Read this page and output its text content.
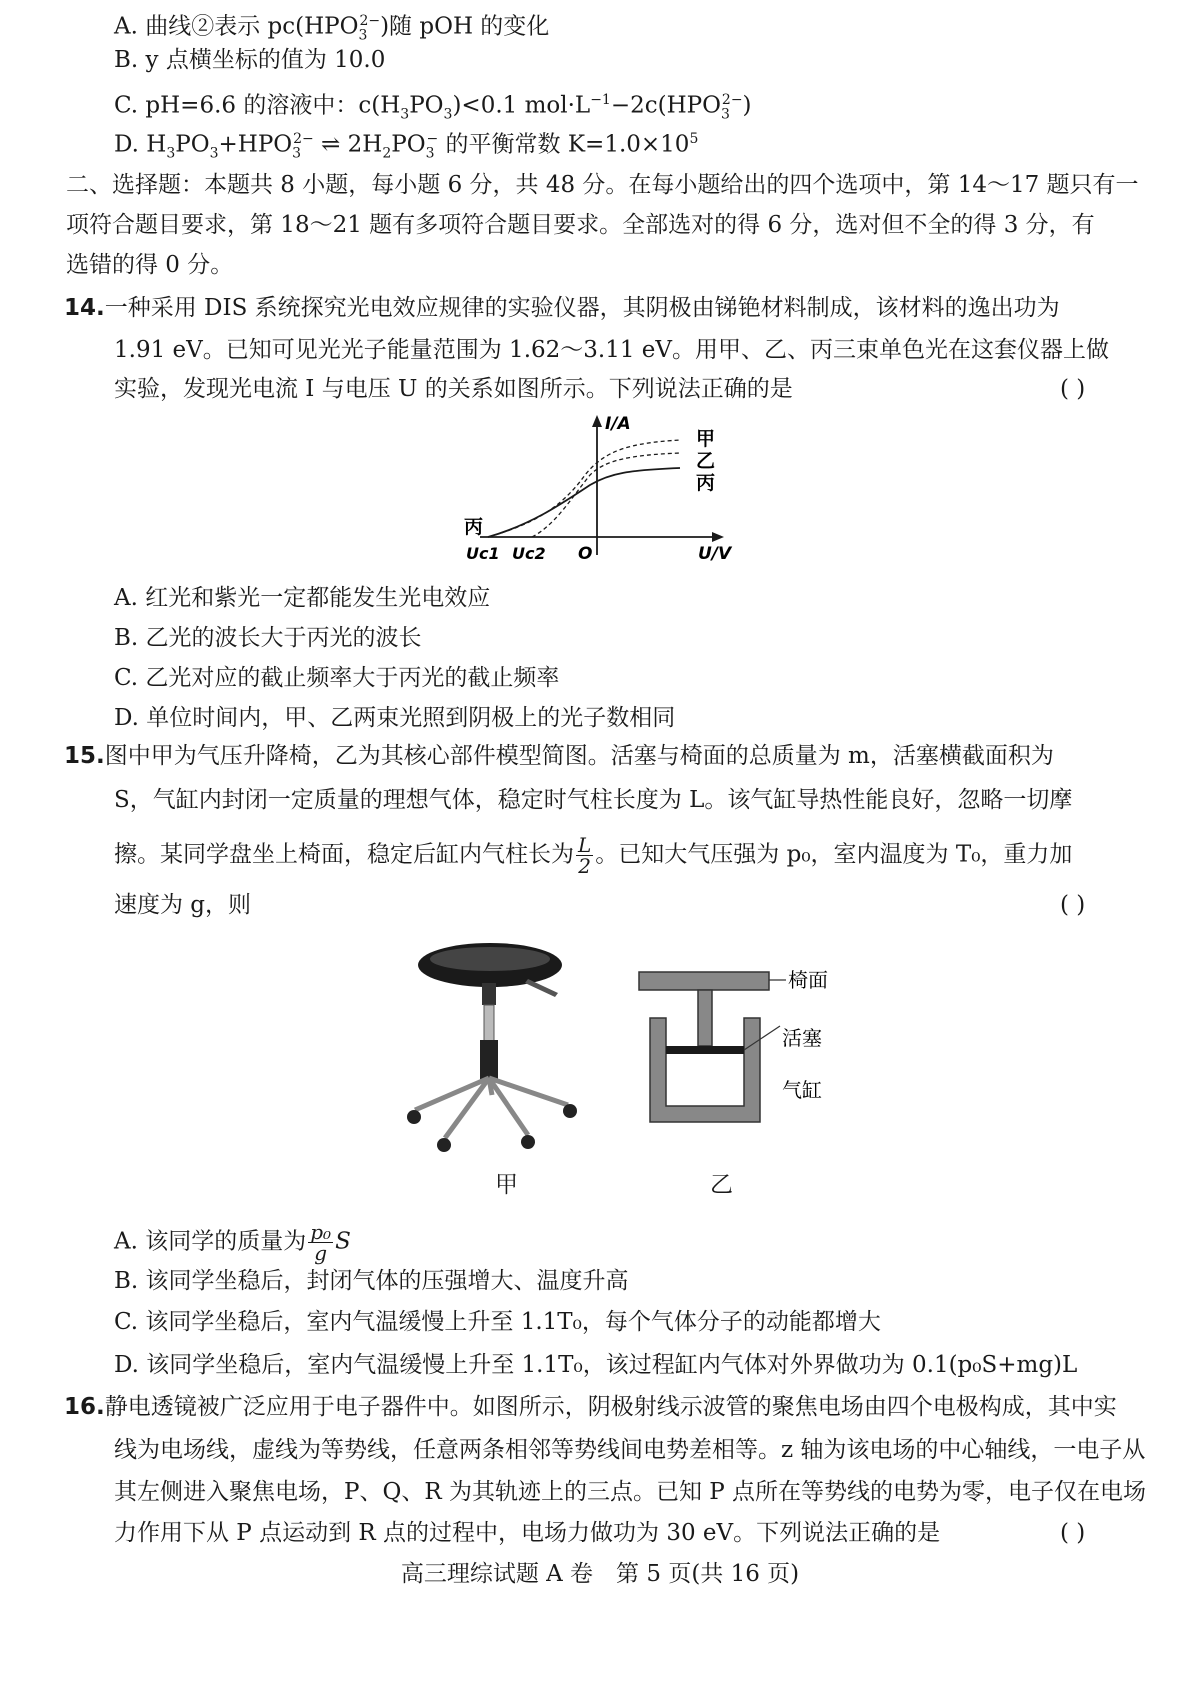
A. 曲线②表示 $pc(HPO_3^{2-})$随 pOH 的变化
B. y 点横坐标的值为 10.0
C. pH=6.6 的溶液中：$c(H_3PO_3)<0.1$ $mol\cdot L^{-1}-2c(HPO_3^{2-})$
D. $H_3PO_3+HPO_3^{2-}$ ⇌ $2H_2PO_3^-$ 的平衡常数 $K=1.0\times 10^5$
二、选择题：本题共 8 小题，每小题 6 分，共 48 分。在每小题给出的四个选项中，第 14～17 题只有一
项符合题目要求，第 18～21 题有多项符合题目要求。全部选对的得 6 分，选对但不全的得 3 分，有
选错的得 0 分。
14.一种采用 DIS 系统探究光电效应规律的实验仪器，其阴极由锑铯材料制成，该材料的逸出功为
1.91 eV。已知可见光光子能量范围为 1.62～3.11 eV。用甲、乙、丙三束单色光在这套仪器上做
实验，发现光电流 I 与电压 U 的关系如图所示。下列说法正确的是	( )
I/A
U/V
O
Uc1 Uc2
甲
乙
丙
丙
A. 红光和紫光一定都能发生光电效应
B. 乙光的波长大于丙光的波长
C. 乙光对应的截止频率大于丙光的截止频率
D. 单位时间内，甲、乙两束光照到阴极上的光子数相同
15.图中甲为气压升降椅，乙为其核心部件模型简图。活塞与椅面的总质量为 m，活塞横截面积为
S，气缸内封闭一定质量的理想气体，稳定时气柱长度为 L。该气缸导热性能良好，忽略一切摩
擦。某同学盘坐上椅面，稳定后缸内气柱长为 $\frac{L}{2}$ 。已知大气压强为 p₀，室内温度为 T₀，重力加
速度为 g，则	( )
甲
椅面
活塞
气缸
乙
A. 该同学的质量为 $\frac{\text{p₀}}{g}$ S
B. 该同学坐稳后，封闭气体的压强增大、温度升高
C. 该同学坐稳后，室内气温缓慢上升至 1.1T₀，每个气体分子的动能都增大
D. 该同学坐稳后，室内气温缓慢上升至 1.1T₀，该过程缸内气体对外界做功为 0.1(p₀S+mg)L
16.静电透镜被广泛应用于电子器件中。如图所示，阴极射线示波管的聚焦电场由四个电极构成，其中实
线为电场线，虚线为等势线，任意两条相邻等势线间电势差相等。z 轴为该电场的中心轴线，一电子从
其左侧进入聚焦电场，P、Q、R 为其轨迹上的三点。已知 P 点所在等势线的电势为零，电子仅在电场
力作用下从 P 点运动到 R 点的过程中，电场力做功为 30 eV。下列说法正确的是	( )
高三理综试题 A 卷　第 5 页(共 16 页)
